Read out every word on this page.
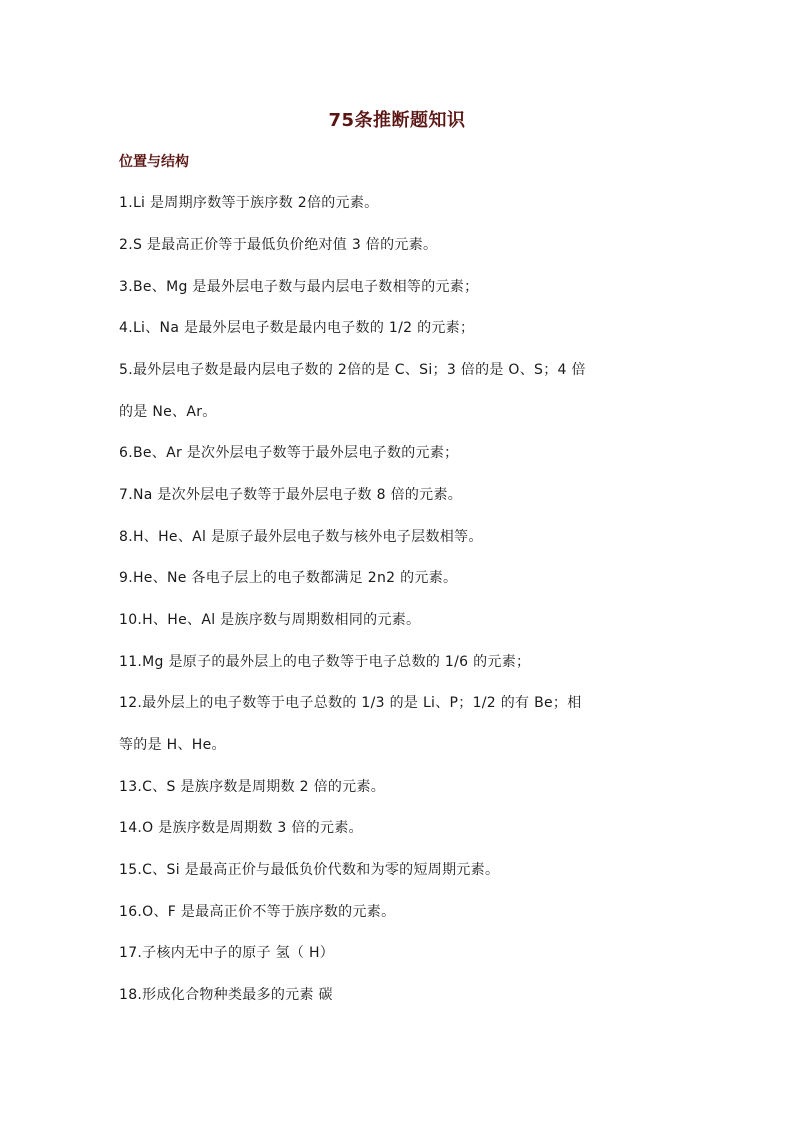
75条推断题知识
位置与结构
1.Li 是周期序数等于族序数 2倍的元素。
2.S 是最高正价等于最低负价绝对值 3 倍的元素。
3.Be、Mg 是最外层电子数与最内层电子数相等的元素；
4.Li、Na 是最外层电子数是最内电子数的 1/2 的元素；
5.最外层电子数是最内层电子数的 2倍的是 C、Si；3 倍的是 O、S；4 倍
的是 Ne、Ar。
6.Be、Ar 是次外层电子数等于最外层电子数的元素；
7.Na 是次外层电子数等于最外层电子数 8 倍的元素。
8.H、He、Al 是原子最外层电子数与核外电子层数相等。
9.He、Ne 各电子层上的电子数都满足 2n2 的元素。
10.H、He、Al 是族序数与周期数相同的元素。
11.Mg 是原子的最外层上的电子数等于电子总数的 1/6 的元素；
12.最外层上的电子数等于电子总数的 1/3 的是 Li、P；1/2 的有 Be；相
等的是 H、He。
13.C、S 是族序数是周期数 2 倍的元素。
14.O 是族序数是周期数 3 倍的元素。
15.C、Si 是最高正价与最低负价代数和为零的短周期元素。
16.O、F 是最高正价不等于族序数的元素。
17.子核内无中子的原子 氢（ H）
18.形成化合物种类最多的元素 碳
